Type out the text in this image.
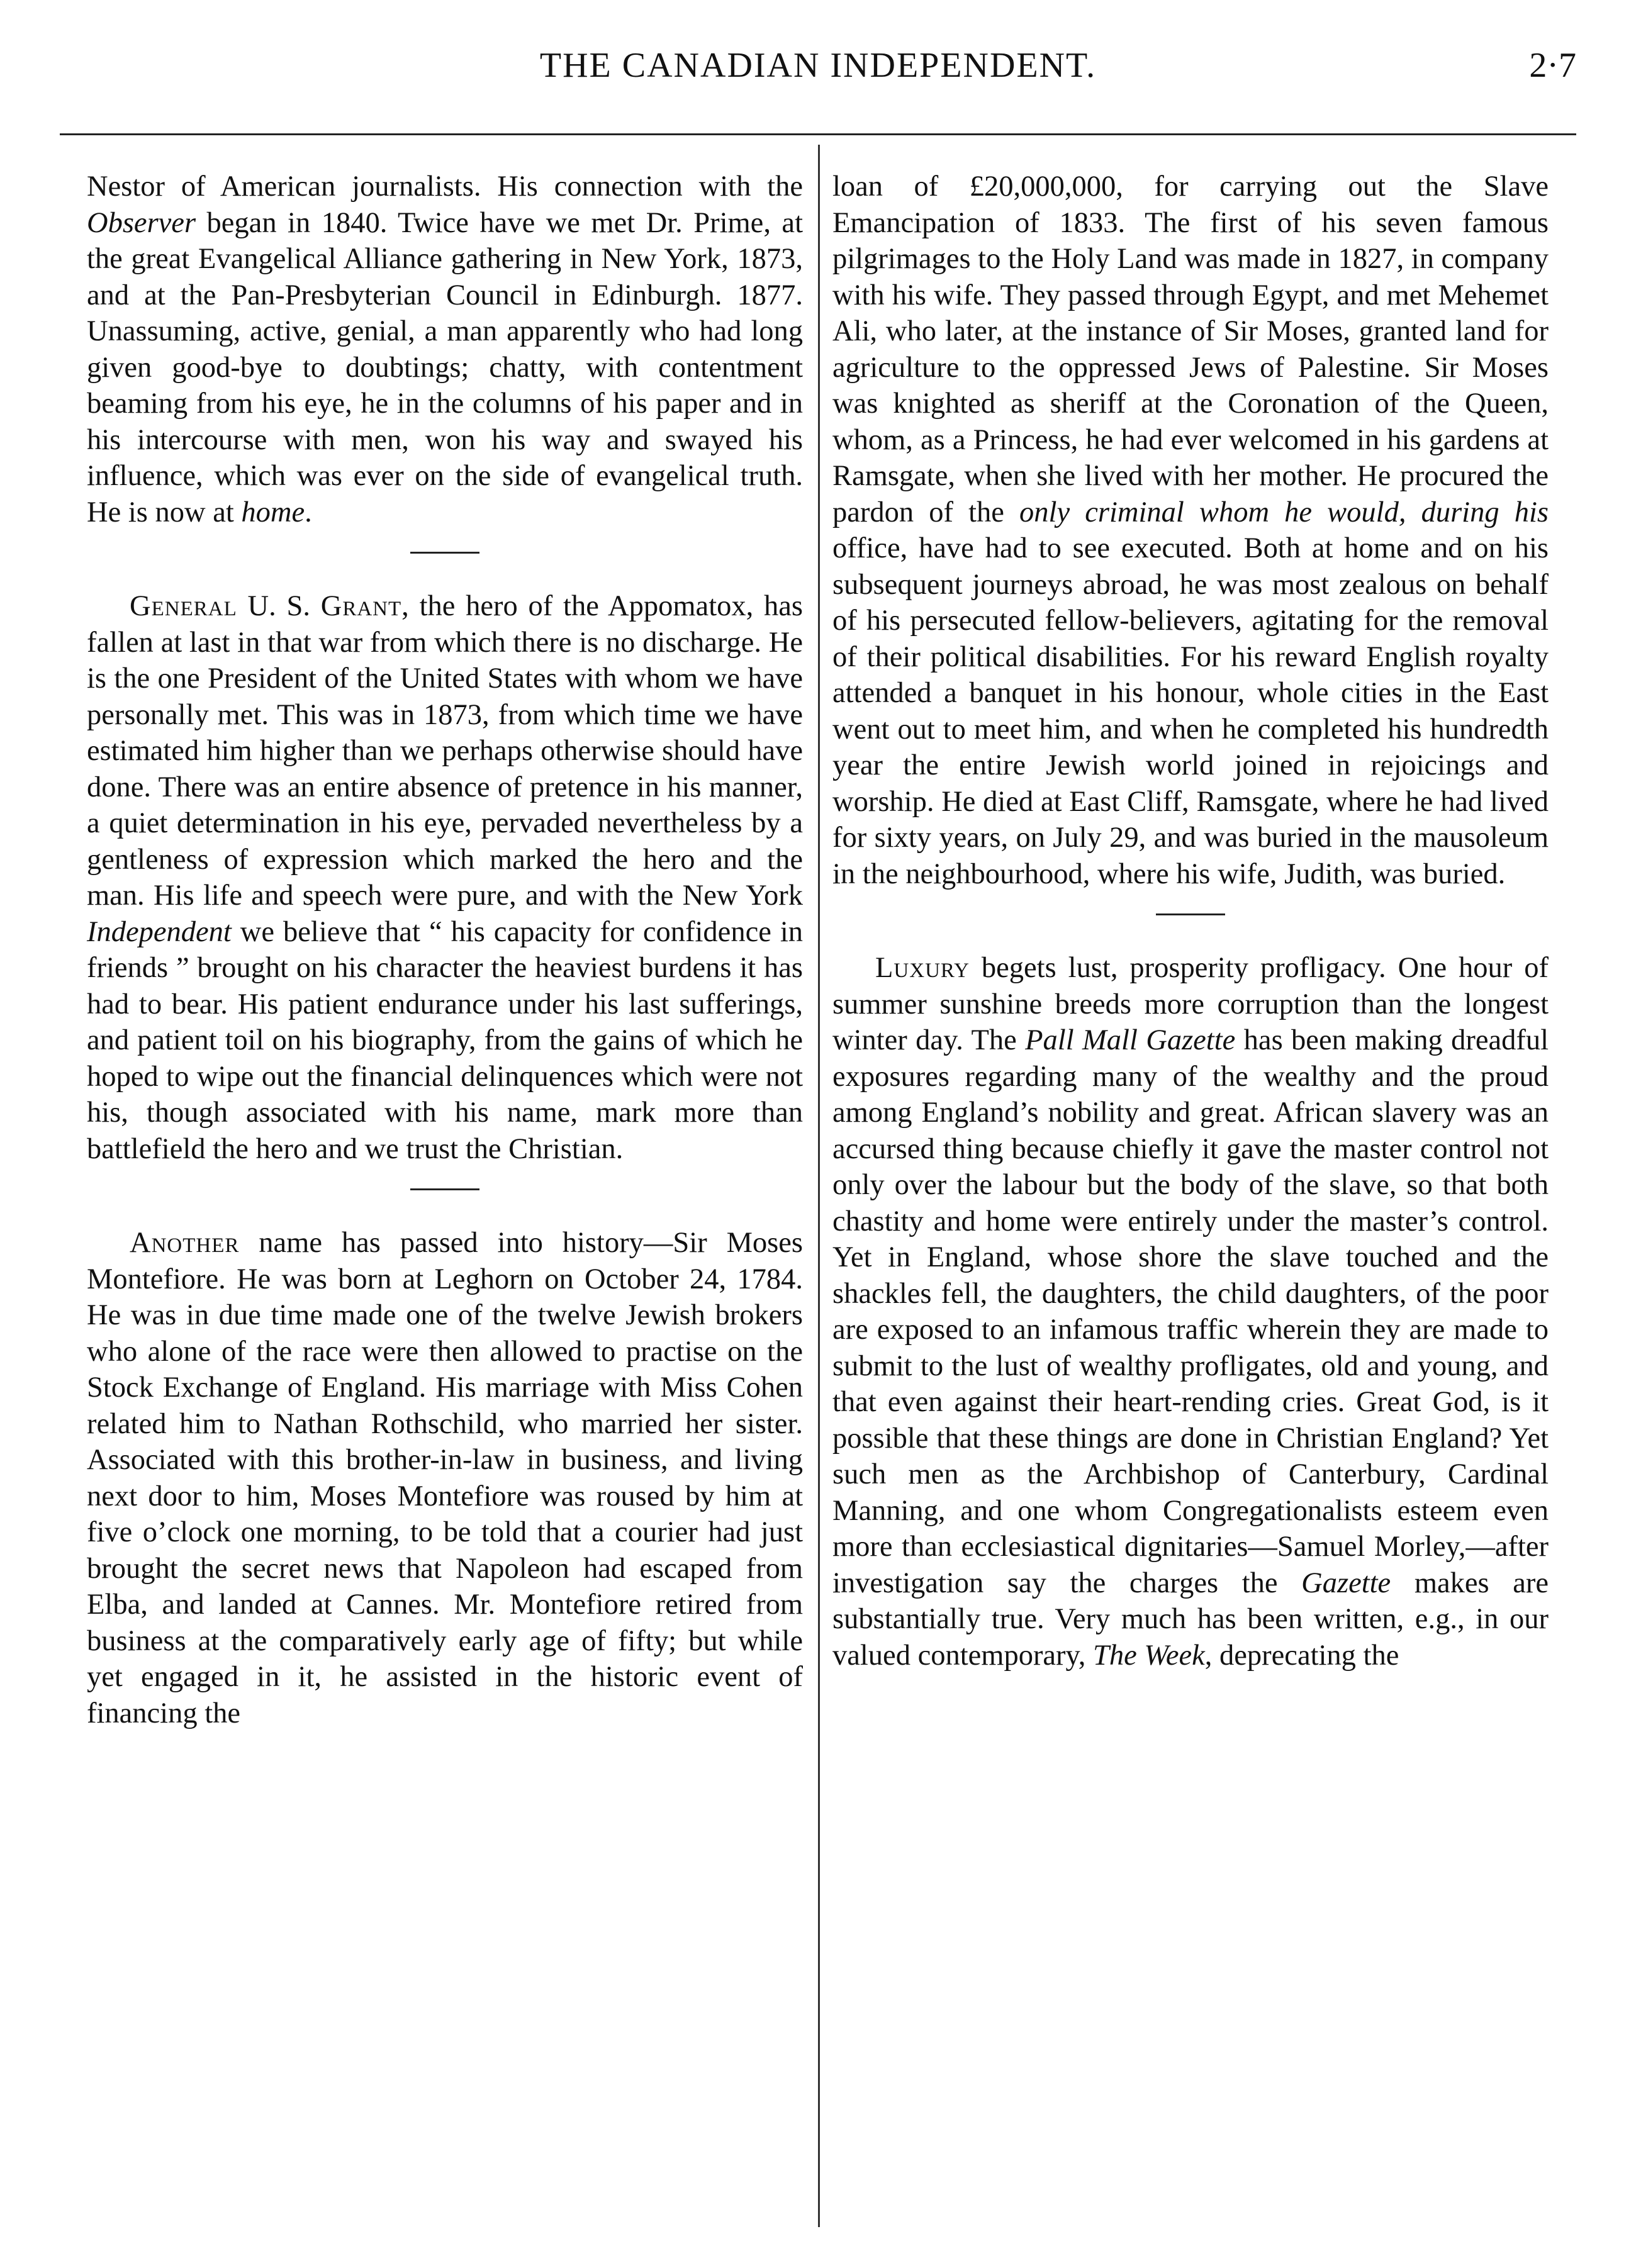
THE CANADIAN INDEPENDENT.	2·7

Nestor of American journalists. His connection with the Observer began in 1840. Twice have we met Dr. Prime, at the great Evangelical Alliance gathering in New York, 1873, and at the Pan-Presbyterian Council in Edinburgh. 1877. Unassuming, active, genial, a man apparently who had long given good-bye to doubtings; chatty, with contentment beaming from his eye, he in the columns of his paper and in his intercourse with men, won his way and swayed his influence, which was ever on the side of evangelical truth. He is now at home.

General U. S. Grant, the hero of the Appomatox, has fallen at last in that war from which there is no discharge. He is the one President of the United States with whom we have personally met. This was in 1873, from which time we have estimated him higher than we perhaps otherwise should have done. There was an entire absence of pretence in his manner, a quiet determination in his eye, pervaded nevertheless by a gentleness of expression which marked the hero and the man. His life and speech were pure, and with the New York Independent we believe that “ his capacity for confidence in friends ” brought on his character the heaviest burdens it has had to bear. His patient endurance under his last sufferings, and patient toil on his biography, from the gains of which he hoped to wipe out the financial delinquences which were not his, though associated with his name, mark more than battlefield the hero and we trust the Christian.

Another name has passed into history—Sir Moses Montefiore. He was born at Leghorn on October 24, 1784. He was in due time made one of the twelve Jewish brokers who alone of the race were then allowed to practise on the Stock Exchange of England. His marriage with Miss Cohen related him to Nathan Rothschild, who married her sister. Associated with this brother-in-law in business, and living next door to him, Moses Montefiore was roused by him at five o’clock one morning, to be told that a courier had just brought the secret news that Napoleon had escaped from Elba, and landed at Cannes. Mr. Montefiore retired from business at the comparatively early age of fifty; but while yet engaged in it, he assisted in the historic event of financing the

loan of £20,000,000, for carrying out the Slave Emancipation of 1833. The first of his seven famous pilgrimages to the Holy Land was made in 1827, in company with his wife. They passed through Egypt, and met Mehemet Ali, who later, at the instance of Sir Moses, granted land for agriculture to the oppressed Jews of Palestine. Sir Moses was knighted as sheriff at the Coronation of the Queen, whom, as a Princess, he had ever welcomed in his gardens at Ramsgate, when she lived with her mother. He procured the pardon of the only criminal whom he would, during his office, have had to see executed. Both at home and on his subsequent journeys abroad, he was most zealous on behalf of his persecuted fellow-believers, agitating for the removal of their political disabilities. For his reward English royalty attended a banquet in his honour, whole cities in the East went out to meet him, and when he completed his hundredth year the entire Jewish world joined in rejoicings and worship. He died at East Cliff, Ramsgate, where he had lived for sixty years, on July 29, and was buried in the mausoleum in the neighbourhood, where his wife, Judith, was buried.

Luxury begets lust, prosperity profligacy. One hour of summer sunshine breeds more corruption than the longest winter day. The Pall Mall Gazette has been making dreadful exposures regarding many of the wealthy and the proud among England’s nobility and great. African slavery was an accursed thing because chiefly it gave the master control not only over the labour but the body of the slave, so that both chastity and home were entirely under the master’s control. Yet in England, whose shore the slave touched and the shackles fell, the daughters, the child daughters, of the poor are exposed to an infamous traffic wherein they are made to submit to the lust of wealthy profligates, old and young, and that even against their heart-rending cries. Great God, is it possible that these things are done in Christian England? Yet such men as the Archbishop of Canterbury, Cardinal Manning, and one whom Congregationalists esteem even more than ecclesiastical dignitaries—Samuel Morley,—after investigation say the charges the Gazette makes are substantially true. Very much has been written, e.g., in our valued contemporary, The Week, deprecating the
